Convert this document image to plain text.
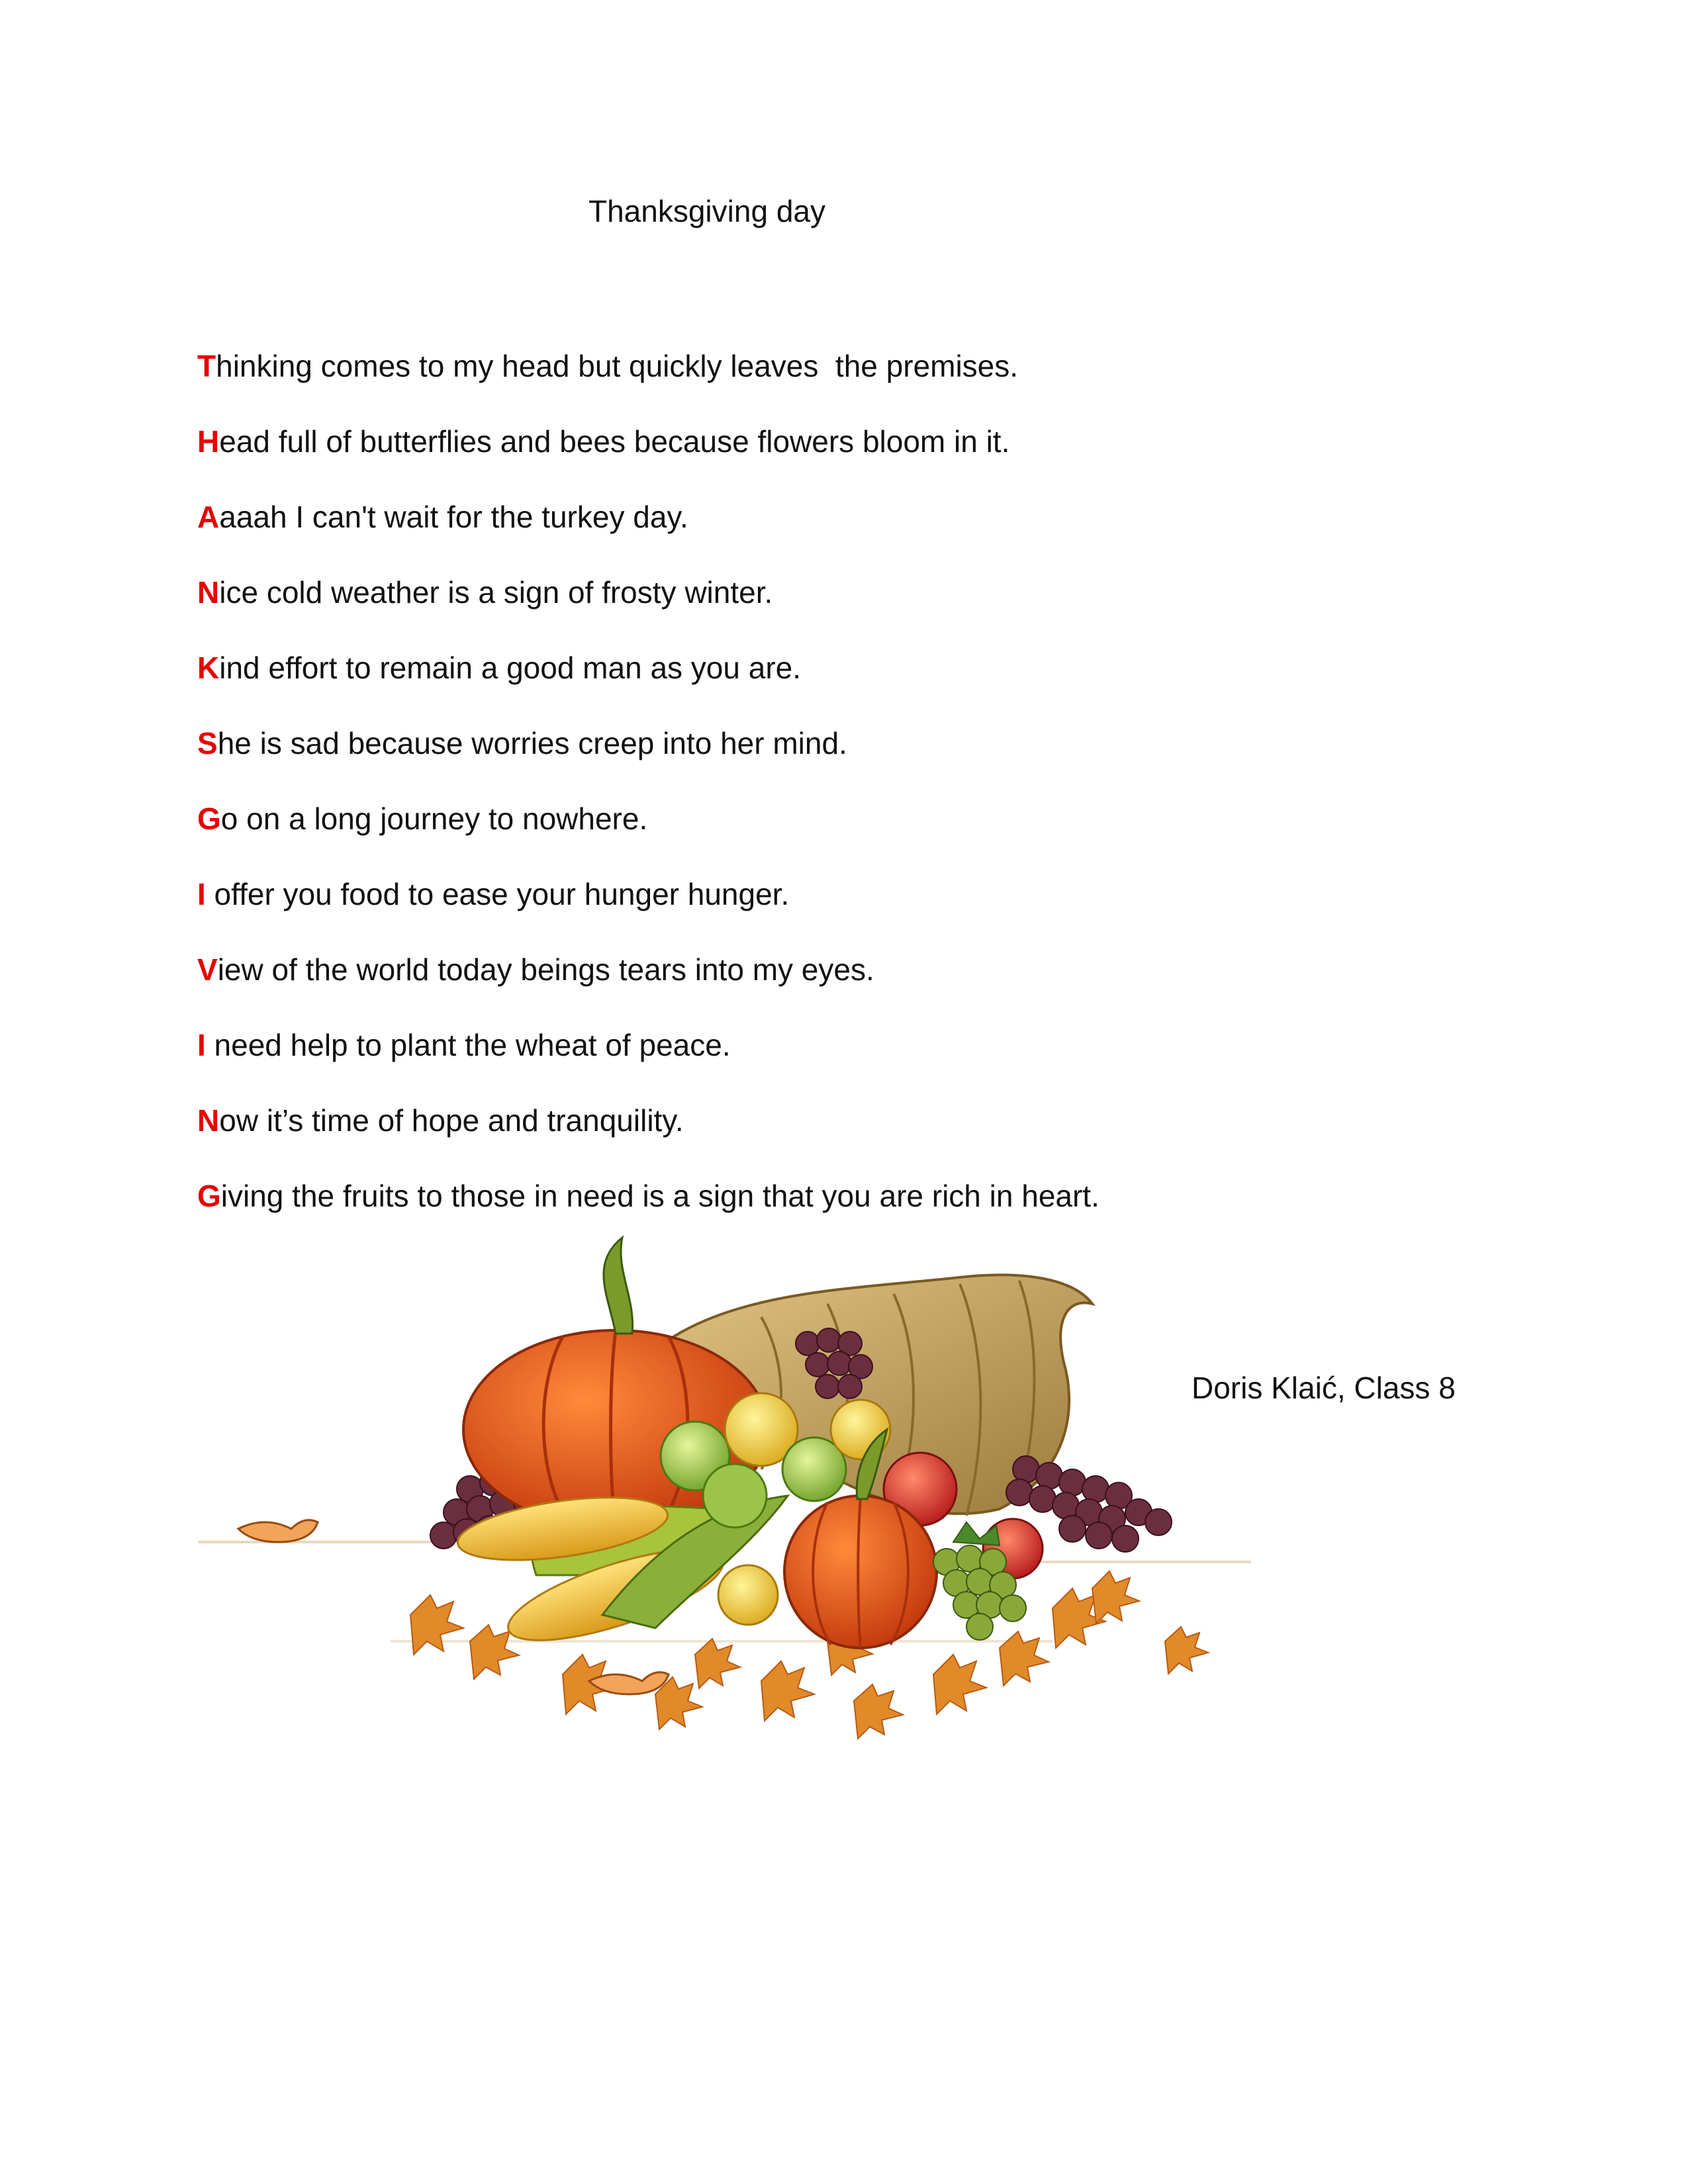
Thanksgiving day
Thinking comes to my head but quickly leaves  the premises.
Head full of butterflies and bees because flowers bloom in it.
Aaaah I can't wait for the turkey day.
Nice cold weather is a sign of frosty winter.
Kind effort to remain a good man as you are.
She is sad because worries creep into her mind.
Go on a long journey to nowhere.
I offer you food to ease your hunger hunger.
View of the world today beings tears into my eyes.
I need help to plant the wheat of peace.
Now it’s time of hope and tranquility.
Giving the fruits to those in need is a sign that you are rich in heart.
Doris Klaić, Class 8
